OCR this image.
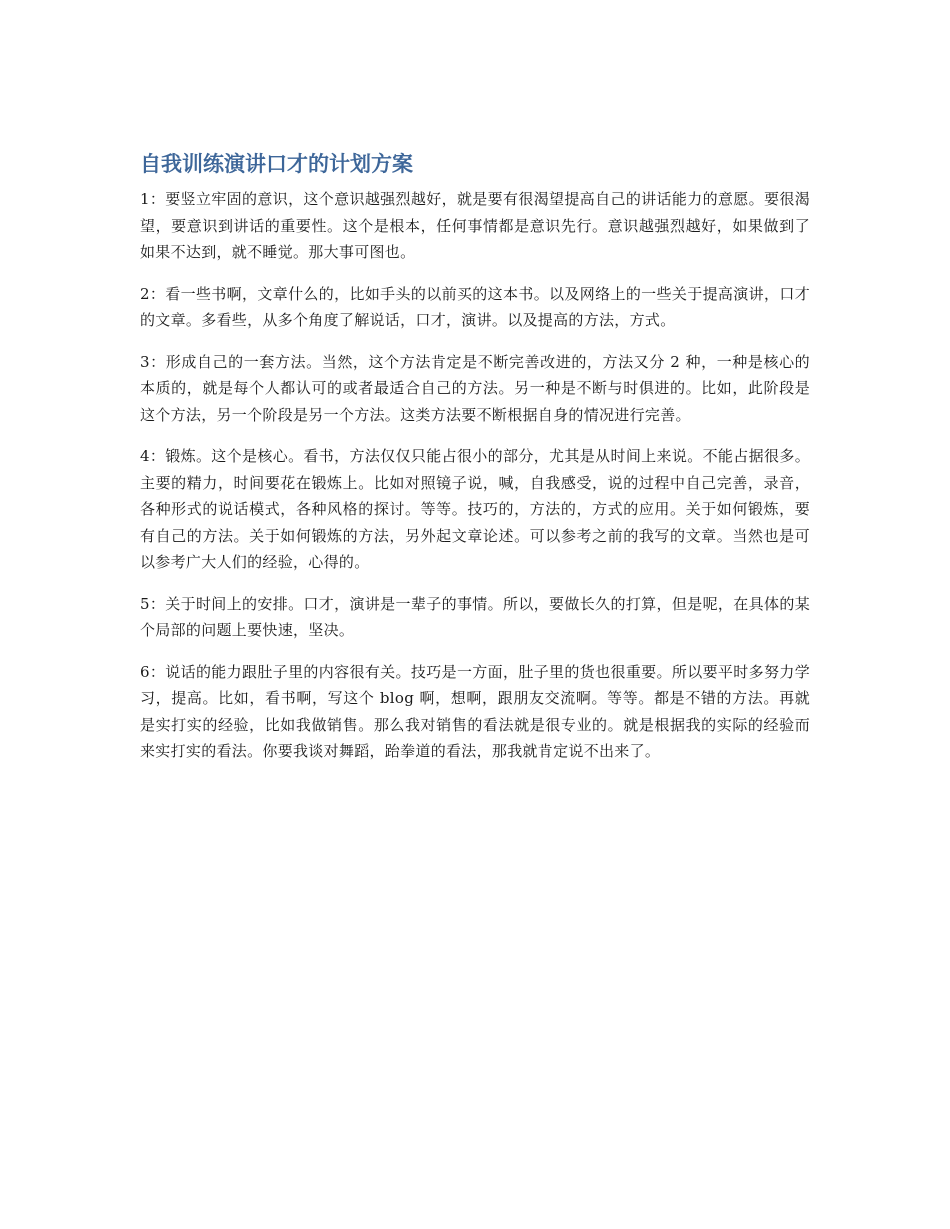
自我训练演讲口才的计划方案

1：要竖立牢固的意识，这个意识越强烈越好，就是要有很渴望提高自己的讲话能力的意愿。要很渴望，要意识到讲话的重要性。这个是根本，任何事情都是意识先行。意识越强烈越好，如果做到了如果不达到，就不睡觉。那大事可图也。

2：看一些书啊，文章什么的，比如手头的以前买的这本书。以及网络上的一些关于提高演讲，口才的文章。多看些，从多个角度了解说话，口才，演讲。以及提高的方法，方式。

3：形成自己的一套方法。当然，这个方法肯定是不断完善改进的，方法又分 2 种，一种是核心的本质的，就是每个人都认可的或者最适合自己的方法。另一种是不断与时俱进的。比如，此阶段是这个方法，另一个阶段是另一个方法。这类方法要不断根据自身的情况进行完善。

4：锻炼。这个是核心。看书，方法仅仅只能占很小的部分，尤其是从时间上来说。不能占据很多。主要的精力，时间要花在锻炼上。比如对照镜子说，喊，自我感受，说的过程中自己完善，录音，各种形式的说话模式，各种风格的探讨。等等。技巧的，方法的，方式的应用。关于如何锻炼，要有自己的方法。关于如何锻炼的方法，另外起文章论述。可以参考之前的我写的文章。当然也是可以参考广大人们的经验，心得的。

5：关于时间上的安排。口才，演讲是一辈子的事情。所以，要做长久的打算，但是呢，在具体的某个局部的问题上要快速，坚决。

6：说话的能力跟肚子里的内容很有关。技巧是一方面，肚子里的货也很重要。所以要平时多努力学习，提高。比如，看书啊，写这个 blog 啊，想啊，跟朋友交流啊。等等。都是不错的方法。再就是实打实的经验，比如我做销售。那么我对销售的看法就是很专业的。就是根据我的实际的经验而来实打实的看法。你要我谈对舞蹈，跆拳道的看法，那我就肯定说不出来了。
